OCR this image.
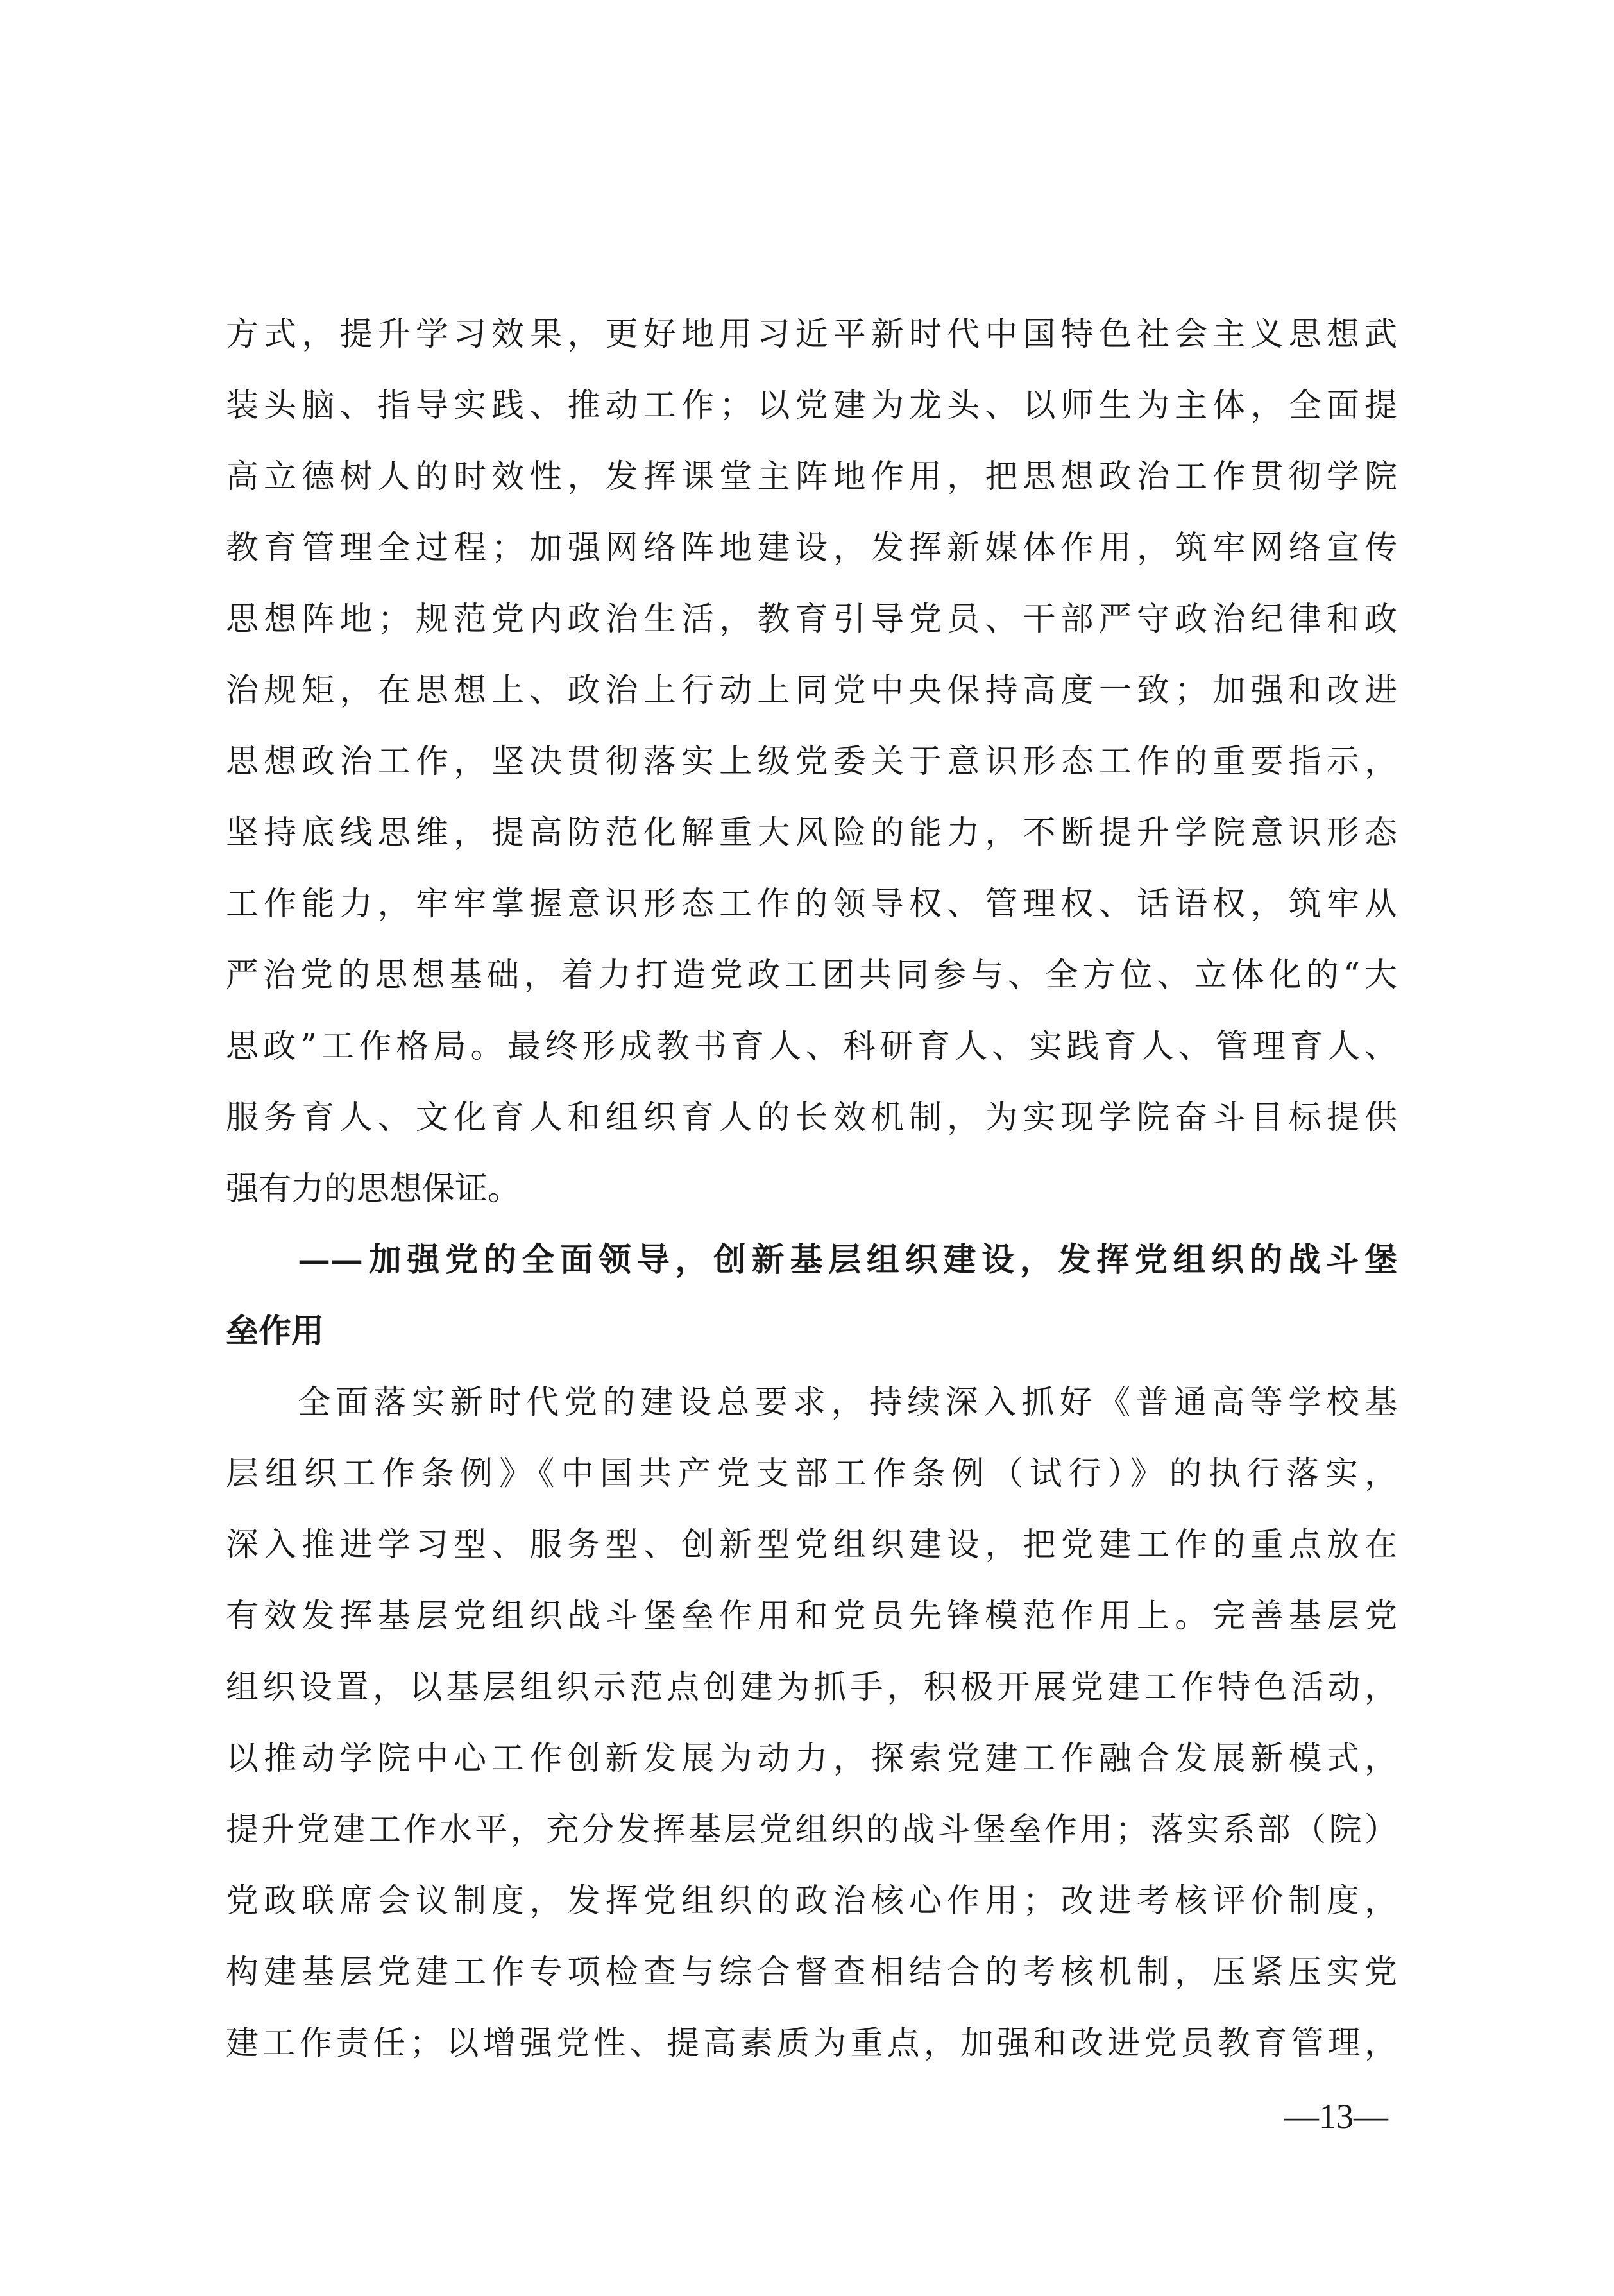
方式，提升学习效果，更好地用习近平新时代中国特色社会主义思想武
装头脑、指导实践、推动工作；以党建为龙头、以师生为主体，全面提
高立德树人的时效性，发挥课堂主阵地作用，把思想政治工作贯彻学院
教育管理全过程；加强网络阵地建设，发挥新媒体作用，筑牢网络宣传
思想阵地；规范党内政治生活，教育引导党员、干部严守政治纪律和政
治规矩，在思想上、政治上行动上同党中央保持高度一致；加强和改进
思想政治工作，坚决贯彻落实上级党委关于意识形态工作的重要指示，
坚持底线思维，提高防范化解重大风险的能力，不断提升学院意识形态
工作能力，牢牢掌握意识形态工作的领导权、管理权、话语权，筑牢从
严治党的思想基础，着力打造党政工团共同参与、全方位、立体化的“大
思政”工作格局。最终形成教书育人、科研育人、实践育人、管理育人、
服务育人、文化育人和组织育人的长效机制，为实现学院奋斗目标提供
强有力的思想保证。
——加强党的全面领导，创新基层组织建设，发挥党组织的战斗堡
垒作用
全面落实新时代党的建设总要求，持续深入抓好《普通高等学校基
层组织工作条例》《中国共产党支部工作条例（试行）》的执行落实，
深入推进学习型、服务型、创新型党组织建设，把党建工作的重点放在
有效发挥基层党组织战斗堡垒作用和党员先锋模范作用上。完善基层党
组织设置，以基层组织示范点创建为抓手，积极开展党建工作特色活动，
以推动学院中心工作创新发展为动力，探索党建工作融合发展新模式，
提升党建工作水平，充分发挥基层党组织的战斗堡垒作用；落实系部（院）
党政联席会议制度，发挥党组织的政治核心作用；改进考核评价制度，
构建基层党建工作专项检查与综合督查相结合的考核机制，压紧压实党
建工作责任；以增强党性、提高素质为重点，加强和改进党员教育管理，
—13—
